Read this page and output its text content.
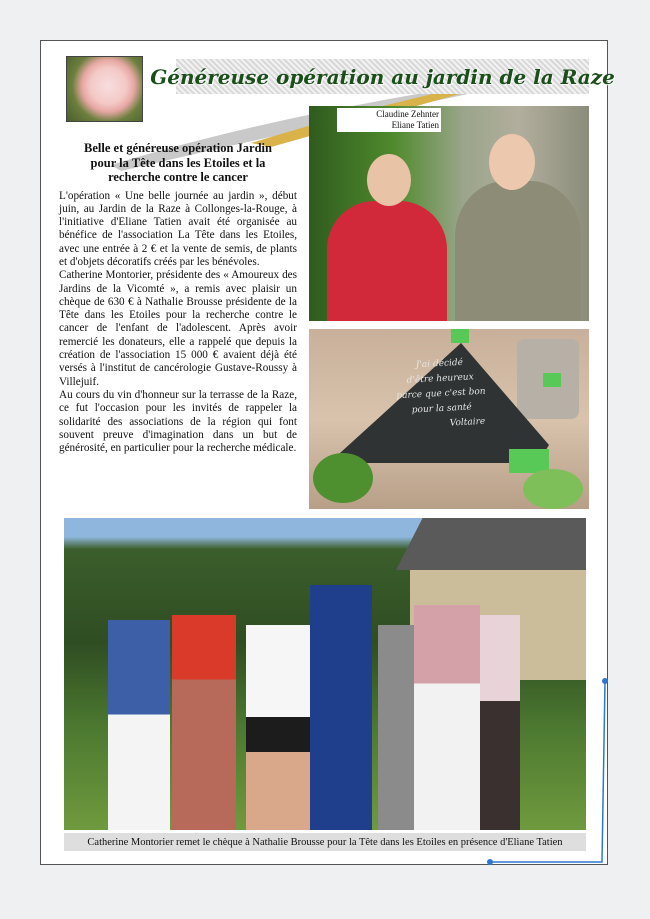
Généreuse opération au jardin de la Raze
Belle et généreuse opération Jardin pour la Tête dans les Etoiles et la recherche contre le cancer

L'opération « Une belle journée au jardin », début juin, au Jardin de la Raze à Collonges-la-Rouge, à l'initiative d'Eliane Tatien avait été organisée au bénéfice de l'association La Tête dans les Etoiles, avec une entrée à 2 € et la vente de semis, de plants et d'objets décoratifs créés par les bénévoles.

Catherine Montorier, présidente des « Amoureux des Jardins de la Vicomté », a remis avec plaisir un chèque de 630 € à Nathalie Brousse présidente de la Tête dans les Etoiles pour la recherche contre le cancer de l'enfant de l'adolescent. Après avoir remercié les donateurs, elle a rappelé que depuis la création de l'association 15 000 € avaient déjà été versés à l'institut de cancérologie Gustave-Roussy à Villejuif.

Au cours du vin d'honneur sur la terrasse de la Raze, ce fut l'occasion pour les invités de rappeler la solidarité des associations de la région qui font souvent preuve d'imagination dans un but de générosité, en particulier pour la recherche médicale.

Claudine Zehnter
Eliane Tatien
J'ai décidé
d'être heureux
parce que c'est bon
pour la santé
Voltaire
Catherine Montorier remet le chèque à Nathalie Brousse pour la Tête dans les Etoiles en présence d'Eliane Tatien
